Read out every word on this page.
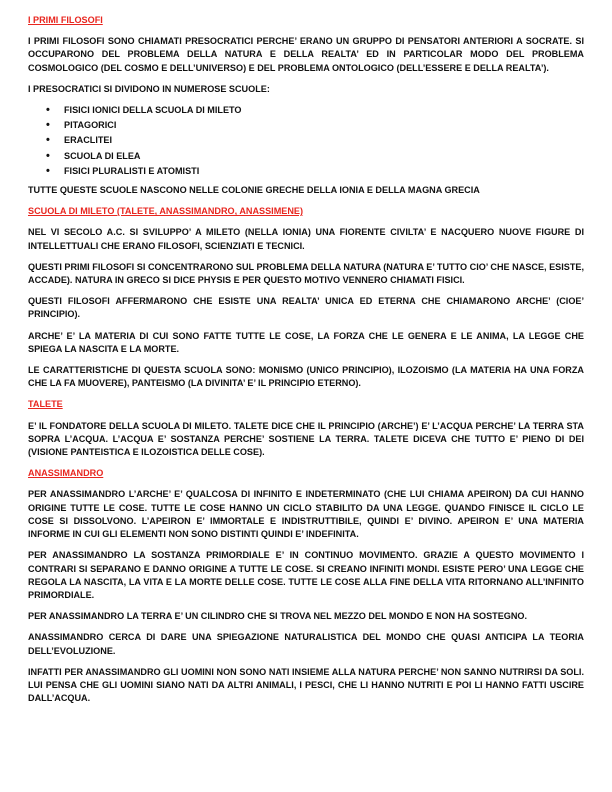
I PRIMI FILOSOFI

I PRIMI FILOSOFI SONO CHIAMATI PRESOCRATICI PERCHE’ ERANO UN GRUPPO DI PENSATORI ANTERIORI A SOCRATE. SI OCCUPARONO DEL PROBLEMA DELLA NATURA E DELLA REALTA’ ED IN PARTICOLAR MODO DEL PROBLEMA COSMOLOGICO (DEL COSMO E DELL’UNIVERSO) E DEL PROBLEMA ONTOLOGICO (DELL’ESSERE E DELLA REALTA’).

I PRESOCRATICI SI DIVIDONO IN NUMEROSE SCUOLE:

• FISICI IONICI DELLA SCUOLA DI MILETO
• PITAGORICI
• ERACLITEI
• SCUOLA DI ELEA
• FISICI PLURALISTI E ATOMISTI

TUTTE QUESTE SCUOLE NASCONO NELLE COLONIE GRECHE DELLA IONIA E DELLA MAGNA GRECIA

SCUOLA DI MILETO (TALETE, ANASSIMANDRO, ANASSIMENE)

NEL VI SECOLO A.C. SI SVILUPPO’ A MILETO (NELLA IONIA) UNA FIORENTE CIVILTA’ E NACQUERO NUOVE FIGURE DI INTELLETTUALI CHE ERANO FILOSOFI, SCIENZIATI E TECNICI.

QUESTI PRIMI FILOSOFI SI CONCENTRARONO SUL PROBLEMA DELLA NATURA (NATURA E’ TUTTO CIO’ CHE NASCE, ESISTE, ACCADE). NATURA IN GRECO SI DICE PHYSIS E PER QUESTO MOTIVO VENNERO CHIAMATI FISICI.

QUESTI FILOSOFI AFFERMARONO CHE ESISTE UNA REALTA’ UNICA ED ETERNA CHE CHIAMARONO ARCHE’ (CIOE’ PRINCIPIO).

ARCHE’ E’ LA MATERIA DI CUI SONO FATTE TUTTE LE COSE, LA FORZA CHE LE GENERA E LE ANIMA, LA LEGGE CHE SPIEGA LA NASCITA E LA MORTE.

LE CARATTERISTICHE DI QUESTA SCUOLA SONO: MONISMO (UNICO PRINCIPIO), ILOZOISMO (LA MATERIA HA UNA FORZA CHE LA FA MUOVERE), PANTEISMO (LA DIVINITA’ E’ IL PRINCIPIO ETERNO).

TALETE

E’ IL FONDATORE DELLA SCUOLA DI MILETO. TALETE DICE CHE IL PRINCIPIO (ARCHE’) E’ L’ACQUA PERCHE’ LA TERRA STA SOPRA L’ACQUA. L’ACQUA E’ SOSTANZA PERCHE’ SOSTIENE LA TERRA. TALETE DICEVA CHE TUTTO E’ PIENO DI DEI (VISIONE PANTEISTICA E ILOZOISTICA DELLE COSE).

ANASSIMANDRO

PER ANASSIMANDRO L’ARCHE’ E’ QUALCOSA DI INFINITO E INDETERMINATO (CHE LUI CHIAMA APEIRON) DA CUI HANNO ORIGINE TUTTE LE COSE. TUTTE LE COSE HANNO UN CICLO STABILITO DA UNA LEGGE. QUANDO FINISCE IL CICLO LE COSE SI DISSOLVONO. L’APEIRON E’ IMMORTALE E INDISTRUTTIBILE, QUINDI E’ DIVINO. APEIRON E’ UNA MATERIA INFORME IN CUI GLI ELEMENTI NON SONO DISTINTI QUINDI E’ INDEFINITA.

PER ANASSIMANDRO LA SOSTANZA PRIMORDIALE E’ IN CONTINUO MOVIMENTO. GRAZIE A QUESTO MOVIMENTO I CONTRARI SI SEPARANO E DANNO ORIGINE A TUTTE LE COSE. SI CREANO INFINITI MONDI. ESISTE PERO’ UNA LEGGE CHE REGOLA LA NASCITA, LA VITA E LA MORTE DELLE COSE. TUTTE LE COSE ALLA FINE DELLA VITA RITORNANO ALL’INFINITO PRIMORDIALE.

PER ANASSIMANDRO LA TERRA E’ UN CILINDRO CHE SI TROVA NEL MEZZO DEL MONDO E NON HA SOSTEGNO.

ANASSIMANDRO CERCA DI DARE UNA SPIEGAZIONE NATURALISTICA DEL MONDO CHE QUASI ANTICIPA LA TEORIA DELL’EVOLUZIONE.

INFATTI PER ANASSIMANDRO GLI UOMINI NON SONO NATI INSIEME ALLA NATURA PERCHE’ NON SANNO NUTRIRSI DA SOLI. LUI PENSA CHE GLI UOMINI SIANO NATI DA ALTRI ANIMALI, I PESCI, CHE LI HANNO NUTRITI E POI LI HANNO FATTI USCIRE DALL’ACQUA.
